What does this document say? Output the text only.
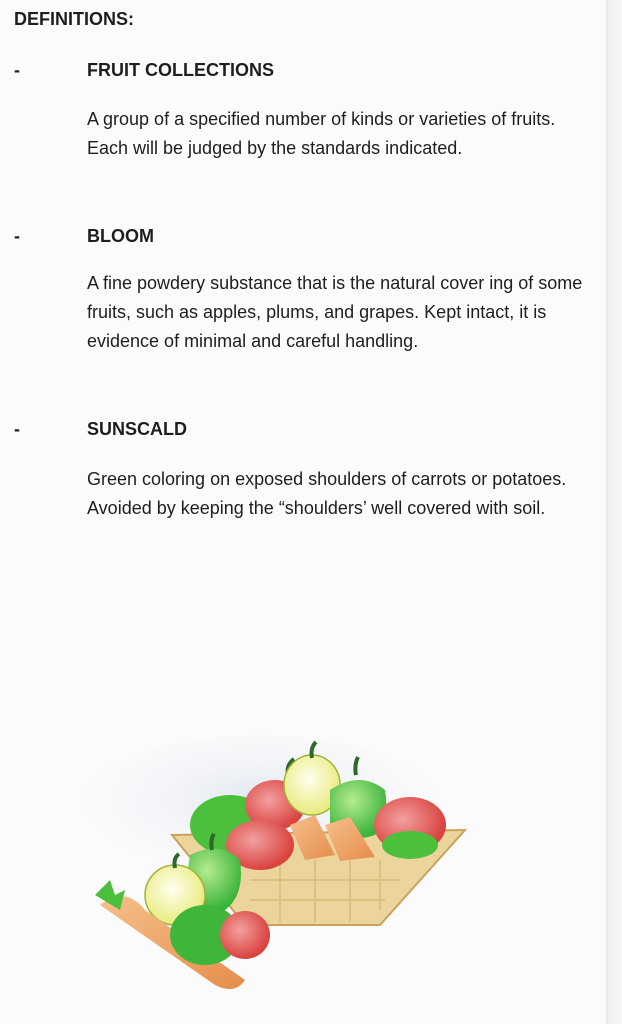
DEFINITIONS:
-	FRUIT COLLECTIONS
A group of a specified number of kinds or varieties of fruits. Each will be judged by the standards indicated.
-	BLOOM
A fine powdery substance that is the natural cover ing of some fruits, such as apples, plums, and grapes. Kept intact, it is evidence of minimal and careful handling.
-	SUNSCALD
Green coloring on exposed shoulders of carrots or potatoes. Avoided by keeping the “shoulders’ well covered with soil.
